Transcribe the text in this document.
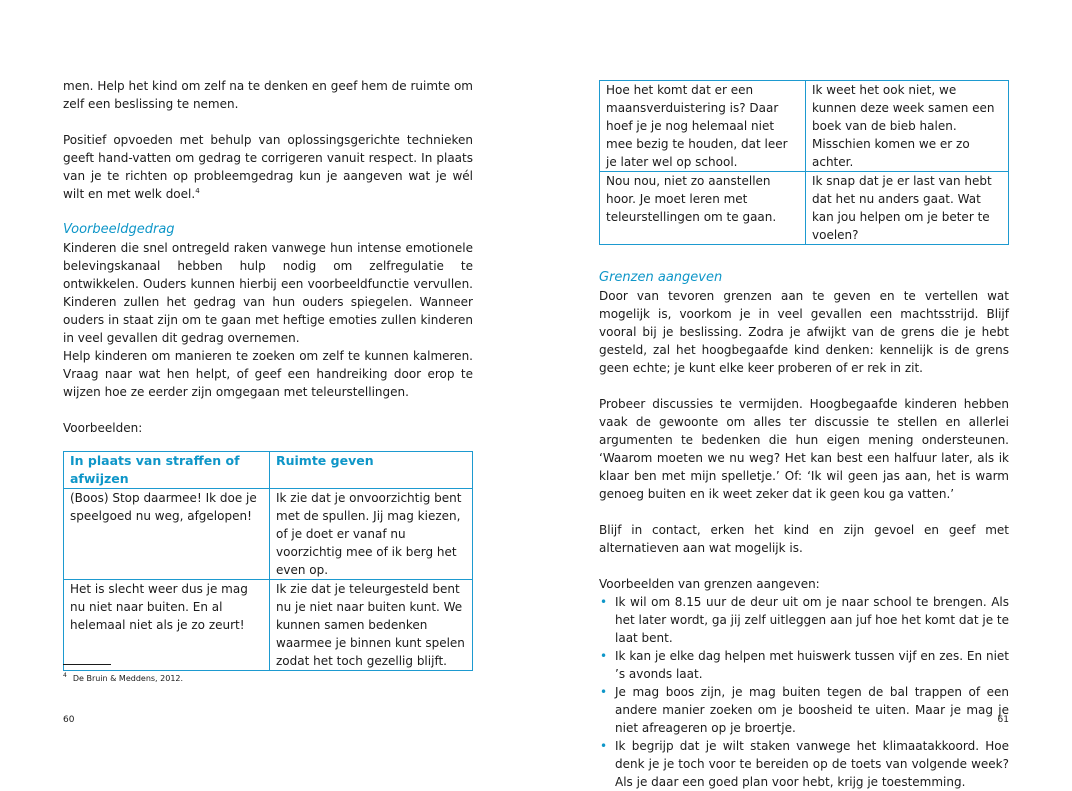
men. Help het kind om zelf na te denken en geef hem de ruimte om zelf een beslissing te nemen.

Positief opvoeden met behulp van oplossingsgerichte technieken geeft hand-vatten om gedrag te corrigeren vanuit respect. In plaats van je te richten op probleemgedrag kun je aangeven wat je wél wilt en met welk doel.$^4$

Voorbeeldgedrag

Kinderen die snel ontregeld raken vanwege hun intense emotionele belevingskanaal hebben hulp nodig om zelfregulatie te ontwikkelen. Ouders kunnen hierbij een voorbeeldfunctie vervullen. Kinderen zullen het gedrag van hun ouders spiegelen. Wanneer ouders in staat zijn om te gaan met heftige emoties zullen kinderen in veel gevallen dit gedrag overnemen.

Help kinderen om manieren te zoeken om zelf te kunnen kalmeren. Vraag naar wat hen helpt, of geef een handreiking door erop te wijzen hoe ze eerder zijn omgegaan met teleurstellingen.

Voorbeelden:

In plaats van straffen of afwijzen	Ruimte geven
(Boos) Stop daarmee! Ik doe je speelgoed nu weg, afgelopen!	Ik zie dat je onvoorzichtig bent met de spullen. Jij mag kiezen, of je doet er vanaf nu voorzichtig mee of ik berg het even op.
Het is slecht weer dus je mag nu niet naar buiten. En al helemaal niet als je zo zeurt!	Ik zie dat je teleurgesteld bent nu je niet naar buiten kunt. We kunnen samen bedenken waarmee je binnen kunt spelen zodat het toch gezellig blijft.

$^4$ De Bruin & Meddens, 2012.

60
Hoe het komt dat er een maansverduistering is? Daar hoef je je nog helemaal niet mee bezig te houden, dat leer je later wel op school.	Ik weet het ook niet, we kunnen deze week samen een boek van de bieb halen. Misschien komen we er zo achter.
Nou nou, niet zo aanstellen hoor. Je moet leren met teleurstellingen om te gaan.	Ik snap dat je er last van hebt dat het nu anders gaat. Wat kan jou helpen om je beter te voelen?

Grenzen aangeven

Door van tevoren grenzen aan te geven en te vertellen wat mogelijk is, voorkom je in veel gevallen een machtsstrijd. Blijf vooral bij je beslissing. Zodra je afwijkt van de grens die je hebt gesteld, zal het hoogbegaafde kind denken: kennelijk is de grens geen echte; je kunt elke keer proberen of er rek in zit.

Probeer discussies te vermijden. Hoogbegaafde kinderen hebben vaak de gewoonte om alles ter discussie te stellen en allerlei argumenten te bedenken die hun eigen mening ondersteunen. ‘Waarom moeten we nu weg? Het kan best een halfuur later, als ik klaar ben met mijn spelletje.’ Of: ‘Ik wil geen jas aan, het is warm genoeg buiten en ik weet zeker dat ik geen kou ga vatten.’

Blijf in contact, erken het kind en zijn gevoel en geef met alternatieven aan wat mogelijk is.

Voorbeelden van grenzen aangeven:

• Ik wil om 8.15 uur de deur uit om je naar school te brengen. Als het later wordt, ga jij zelf uitleggen aan juf hoe het komt dat je te laat bent.
• Ik kan je elke dag helpen met huiswerk tussen vijf en zes. En niet ’s avonds laat.
• Je mag boos zijn, je mag buiten tegen de bal trappen of een andere manier zoeken om je boosheid te uiten. Maar je mag je niet afreageren op je broertje.
• Ik begrijp dat je wilt staken vanwege het klimaatakkoord. Hoe denk je je toch voor te bereiden op de toets van volgende week? Als je daar een goed plan voor hebt, krijg je toestemming.
61
